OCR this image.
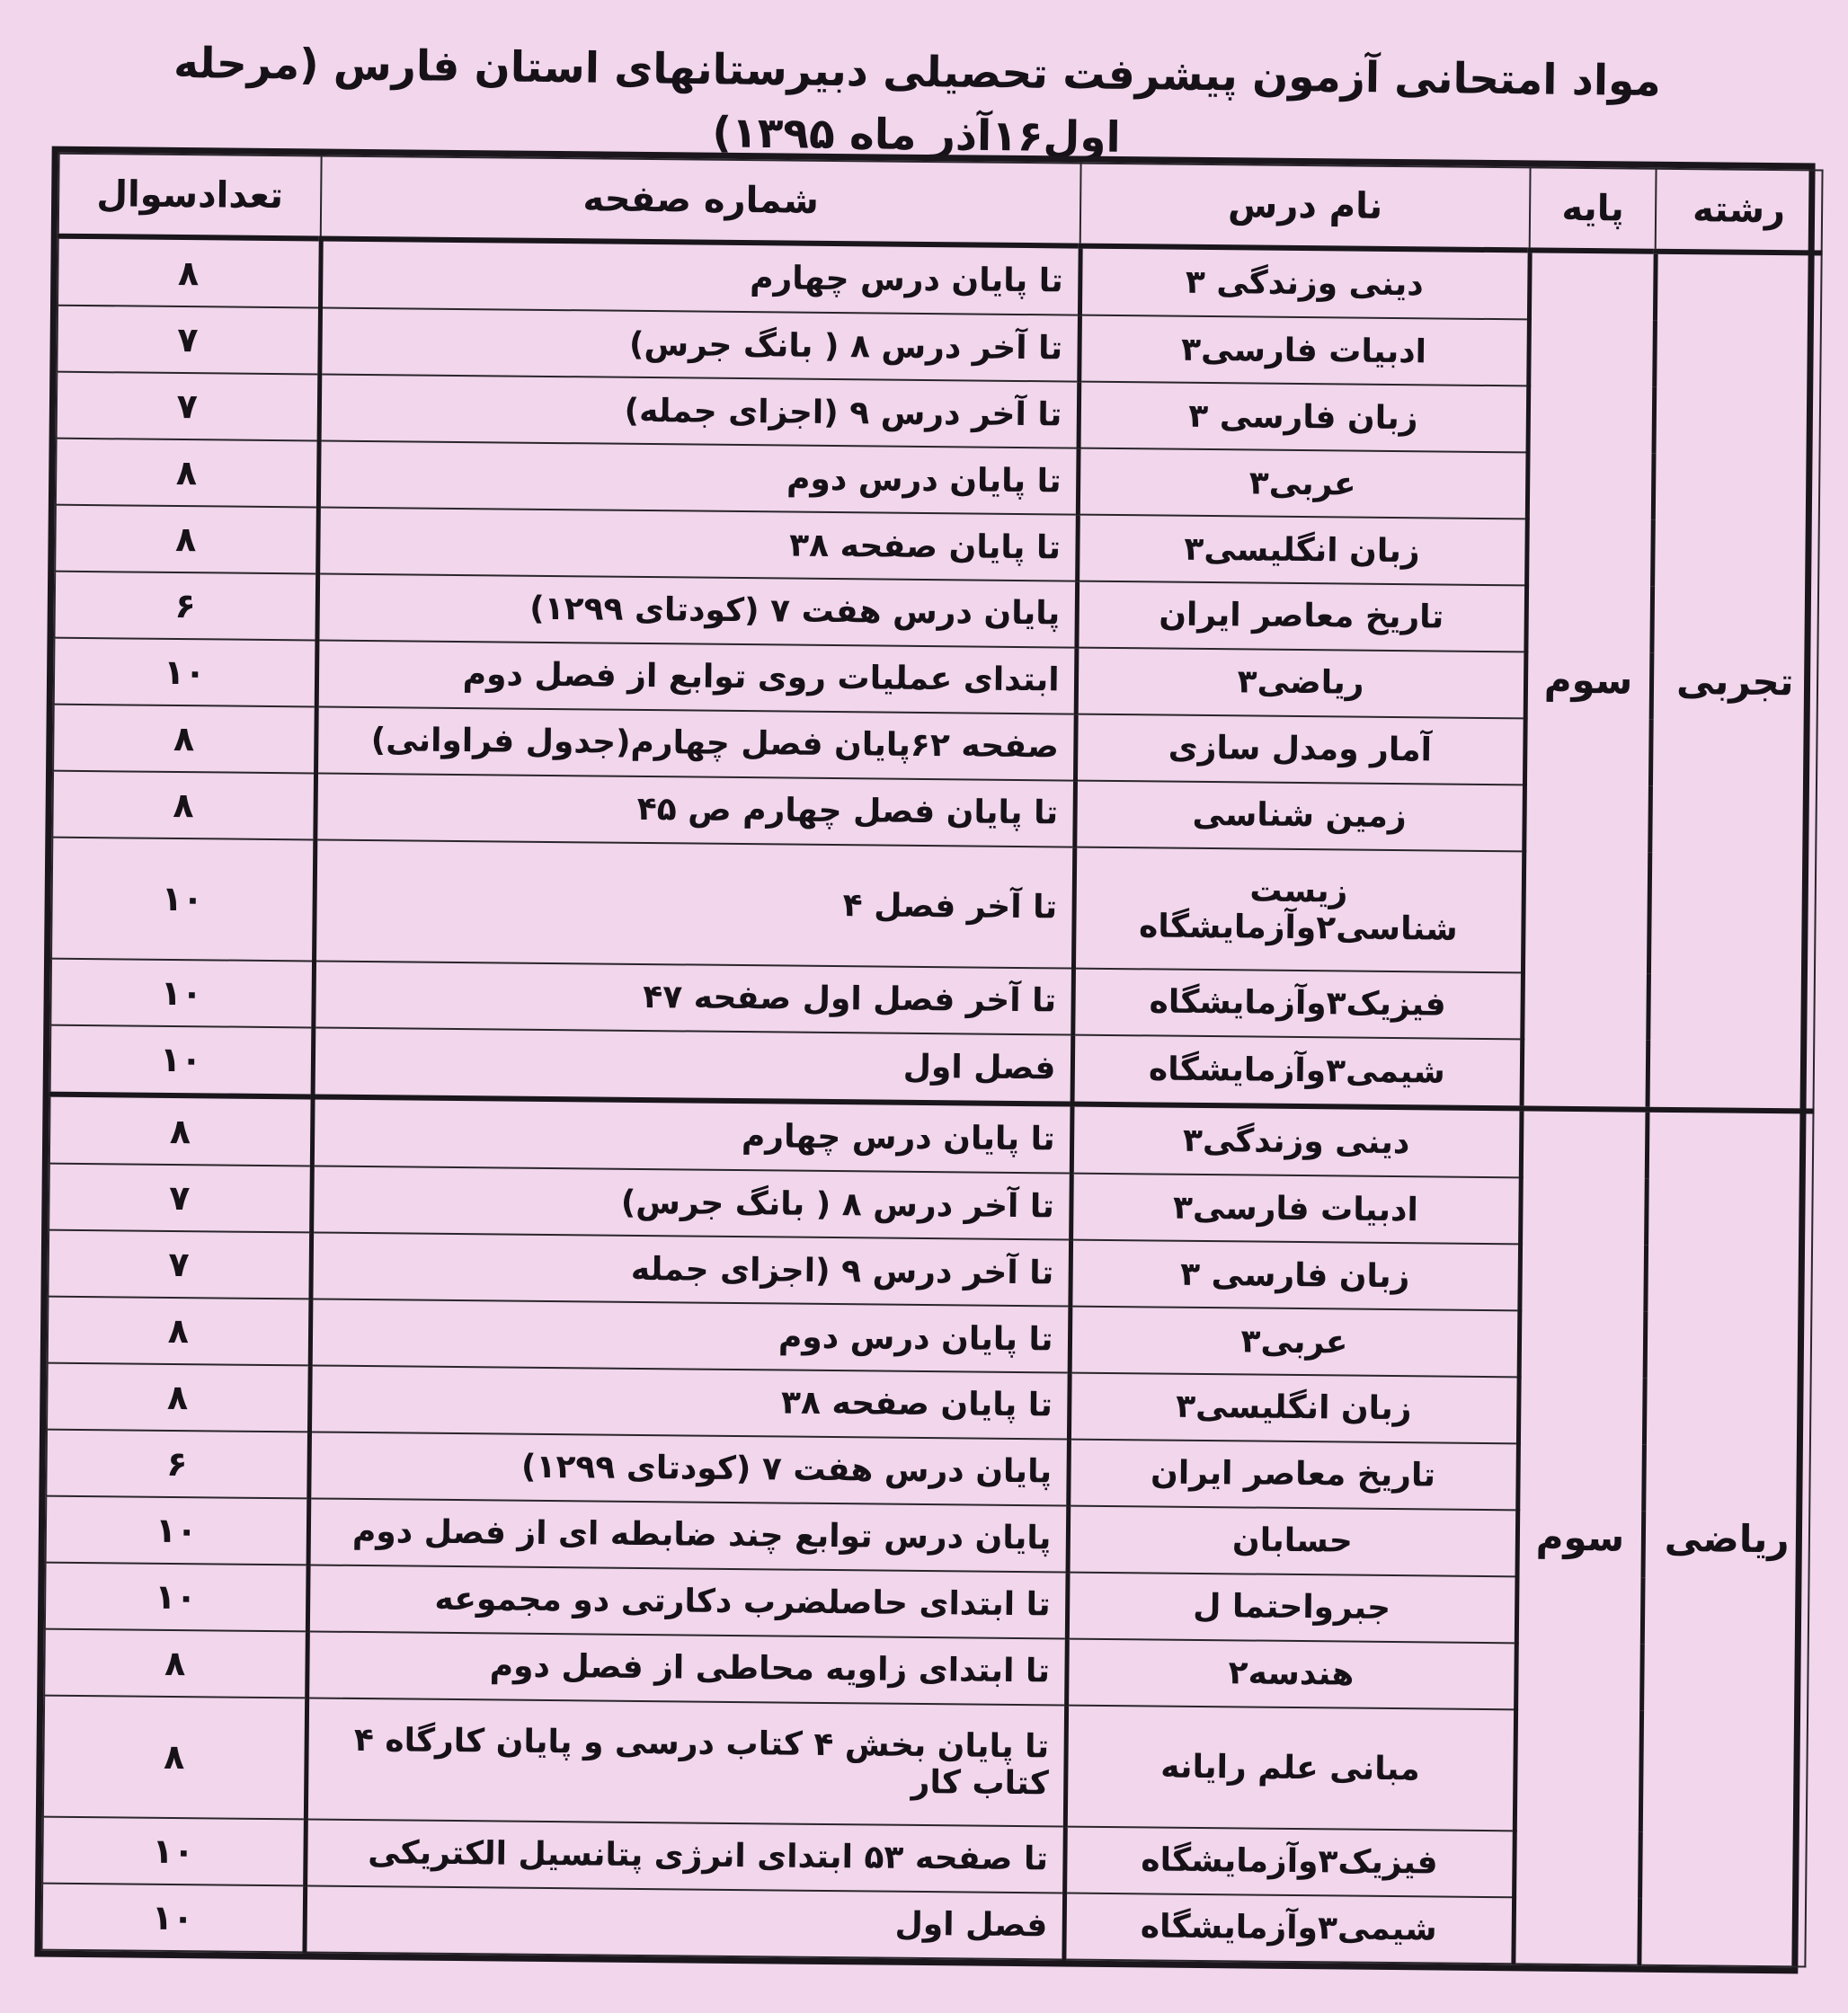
مواد امتحانی آزمون پیشرفت تحصیلی دبیرستانهای استان فارس (مرحله اول۱۶آذر ماه ۱۳۹۵)
رشته	پایه	نام درس	شماره صفحه	تعدادسوال
تجربی	سوم	دینی وزندگی ۳	تا پایان درس چهارم	۸
		ادبیات فارسی۳	تا آخر درس ۸ ( بانگ جرس)	۷
		زبان فارسی ۳	تا آخر درس ۹ (اجزای جمله)	۷
		عربی۳	تا پایان درس دوم	۸
		زبان انگلیسی۳	تا پایان صفحه ۳۸	۸
		تاریخ معاصر ایران	پایان درس هفت ۷ (کودتای ۱۲۹۹)	۶
		ریاضی۳	ابتدای عملیات روی توابع از فصل دوم	۱۰
		آمار ومدل سازی	صفحه ۶۲پایان فصل چهارم(جدول فراوانی)	۸
		زمین شناسی	تا پایان فصل چهارم ص ۴۵	۸
		زیست شناسی۲وآزمایشگاه	تا آخر فصل ۴	۱۰
		فیزیک۳وآزمایشگاه	تا آخر فصل اول صفحه ۴۷	۱۰
		شیمی۳وآزمایشگاه	فصل اول	۱۰
ریاضی	سوم	دینی وزندگی۳	تا پایان درس چهارم	۸
		ادبیات فارسی۳	تا آخر درس ۸ ( بانگ جرس)	۷
		زبان فارسی ۳	تا آخر درس ۹ (اجزای جمله	۷
		عربی۳	تا پایان درس دوم	۸
		زبان انگلیسی۳	تا پایان صفحه ۳۸	۸
		تاریخ معاصر ایران	پایان درس هفت ۷ (کودتای ۱۲۹۹)	۶
		حسابان	پایان درس توابع چند ضابطه ای از فصل دوم	۱۰
		جبرواحتما ل	تا ابتدای حاصلضرب دکارتی دو مجموعه	۱۰
		هندسه۲	تا ابتدای زاویه محاطی از فصل دوم	۸
		مبانی علم رایانه	تا پایان بخش ۴ کتاب درسی و پایان کارگاه ۴ کتاب کار	۸
		فیزیک۳وآزمایشگاه	تا صفحه ۵۳ ابتدای انرژی پتانسیل الکتریکی	۱۰
		شیمی۳وآزمایشگاه	فصل اول	۱۰
